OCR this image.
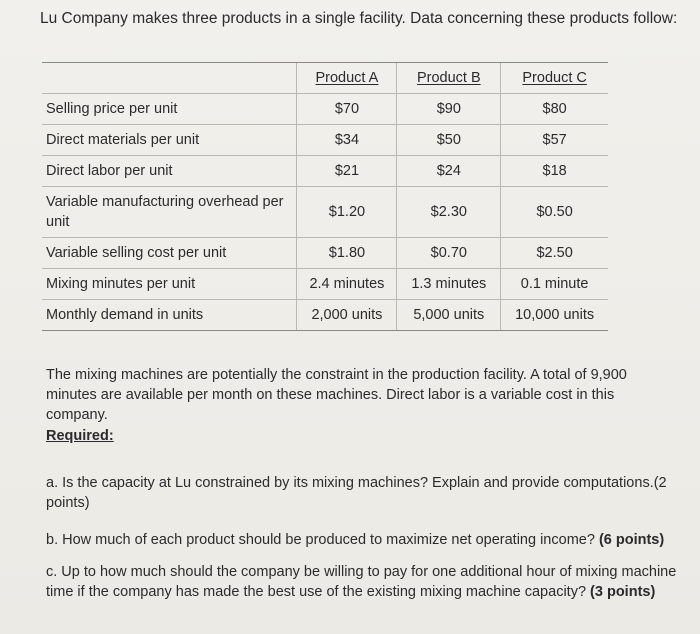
Lu Company makes three products in a single facility. Data concerning these products follow:
	Product A	Product B	Product C
Selling price per unit	$70	$90	$80
Direct materials per unit	$34	$50	$57
Direct labor per unit	$21	$24	$18
Variable manufacturing overhead per unit	$1.20	$2.30	$0.50
Variable selling cost per unit	$1.80	$0.70	$2.50
Mixing minutes per unit	2.4 minutes	1.3 minutes	0.1 minute
Monthly demand in units	2,000 units	5,000 units	10,000 units
The mixing machines are potentially the constraint in the production facility. A total of 9,900 minutes are available per month on these machines. Direct labor is a variable cost in this company.
Required:
a. Is the capacity at Lu constrained by its mixing machines? Explain and provide computations.(2 points)
b. How much of each product should be produced to maximize net operating income? (6 points)
c. Up to how much should the company be willing to pay for one additional hour of mixing machine time if the company has made the best use of the existing mixing machine capacity? (3 points)
